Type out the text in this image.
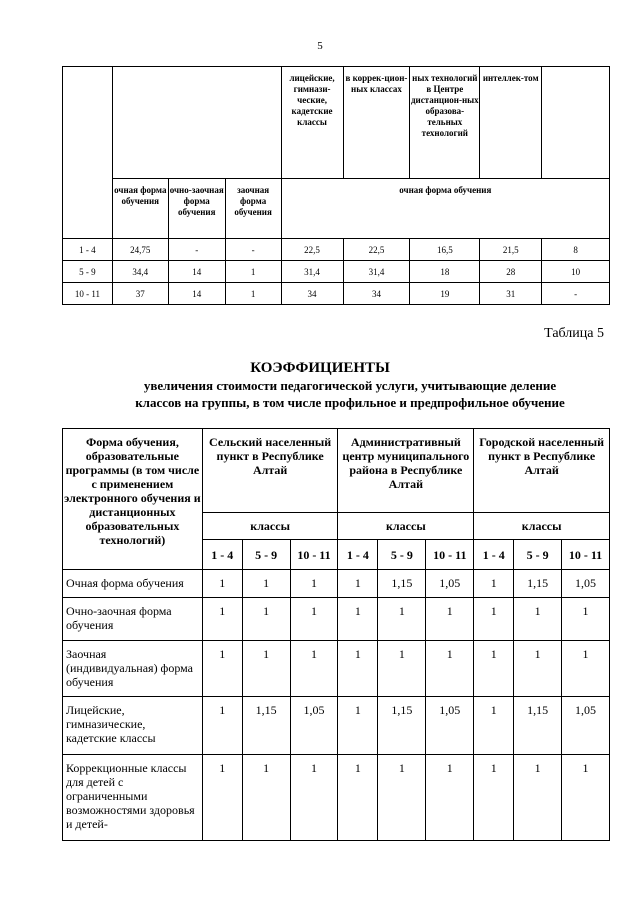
5
				лицейские, гимнази-ческие, кадетские классы	в коррек-цион-ных классах	ных технологий в Центре дистанцион-ных образова-тельных технологий	интеллек-том	
	очная форма обучения	очно-заочная форма обучения	заочная форма обучения	очная форма обучения				
1 - 4	24,75	-	-	22,5	22,5	16,5	21,5	8
5 - 9	34,4	14	1	31,4	31,4	18	28	10
10 - 11	37	14	1	34	34	19	31	-
Таблица 5
КОЭФФИЦИЕНТЫ
увеличения стоимости педагогической услуги, учитывающие деление
классов на группы, в том числе профильное и предпрофильное обучение
Форма обучения, образовательные программы (в том числе с применением электронного обучения и дистанционных образовательных технологий)	Сельский населенный пункт в Республике Алтай			Административный центр муниципального района в Республике Алтай			Городской населенный пункт в Республике Алтай		
	классы			классы			классы		
	1 - 4	5 - 9	10 - 11	1 - 4	5 - 9	10 - 11	1 - 4	5 - 9	10 - 11
Очная форма обучения	1	1	1	1	1,15	1,05	1	1,15	1,05

Очно-заочная форма обучения	1	1	1	1	1	1	1	1	1
Заочная (индивидуальная) форма обучения	1	1	1	1	1	1	1	1	1
Лицейские, гимназические, кадетские классы	1	1,15	1,05	1	1,15	1,05	1	1,15	1,05

Коррекционные классы для детей с ограниченными возможностями здоровья и детей-	1	1	1	1	1	1	1	1	1
